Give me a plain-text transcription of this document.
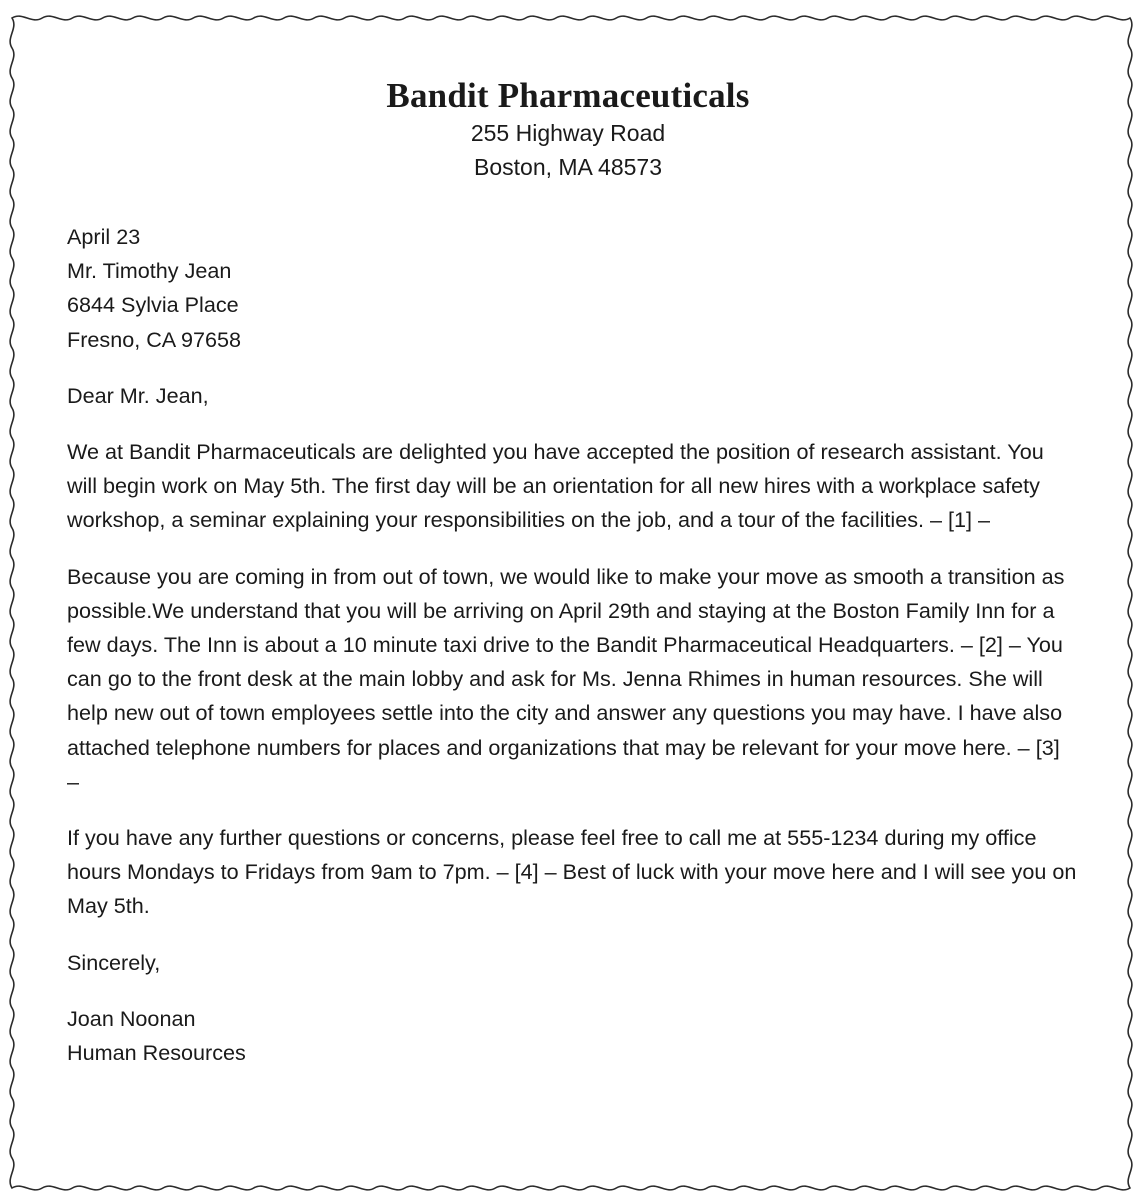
Bandit Pharmaceuticals
255 Highway Road
Boston, MA 48573
April 23
Mr. Timothy Jean
6844 Sylvia Place
Fresno, CA 97658

Dear Mr. Jean,

We at Bandit Pharmaceuticals are delighted you have accepted the position of research assistant. You will begin work on May 5th. The first day will be an orientation for all new hires with a workplace safety workshop, a seminar explaining your responsibilities on the job, and a tour of the facilities. – [1] –

Because you are coming in from out of town, we would like to make your move as smooth a transition as possible.We understand that you will be arriving on April 29th and staying at the Boston Family Inn for a few days. The Inn is about a 10 minute taxi drive to the Bandit Pharmaceutical Headquarters. – [2] – You can go to the front desk at the main lobby and ask for Ms. Jenna Rhimes in human resources. She will help new out of town employees settle into the city and answer any questions you may have. I have also attached telephone numbers for places and organizations that may be relevant for your move here. – [3] –

If you have any further questions or concerns, please feel free to call me at 555-1234 during my office hours Mondays to Fridays from 9am to 7pm. – [4] – Best of luck with your move here and I will see you on May 5th.

Sincerely,

Joan Noonan
Human Resources
